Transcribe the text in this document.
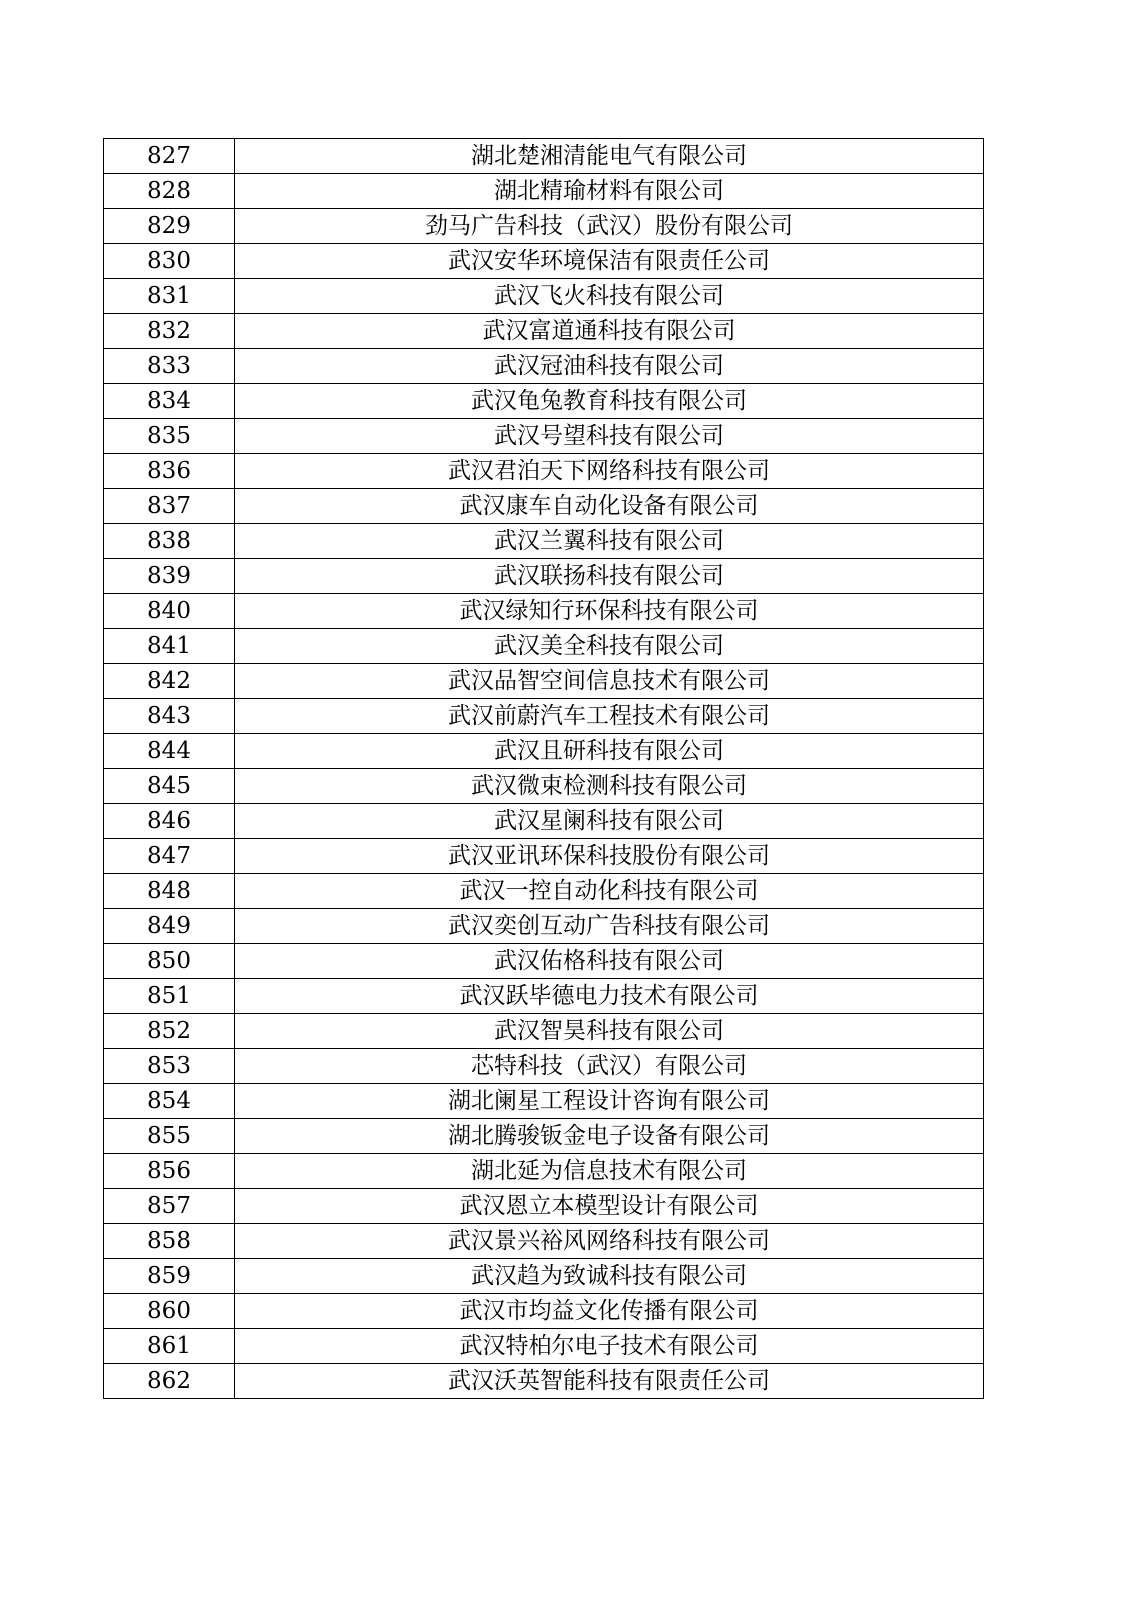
827	湖北楚湘清能电气有限公司
828	湖北精瑜材料有限公司
829	劲马广告科技（武汉）股份有限公司
830	武汉安华环境保洁有限责任公司
831	武汉飞火科技有限公司
832	武汉富道通科技有限公司
833	武汉冠油科技有限公司
834	武汉龟兔教育科技有限公司
835	武汉号望科技有限公司
836	武汉君泊天下网络科技有限公司
837	武汉康车自动化设备有限公司
838	武汉兰翼科技有限公司
839	武汉联扬科技有限公司
840	武汉绿知行环保科技有限公司
841	武汉美全科技有限公司
842	武汉品智空间信息技术有限公司
843	武汉前蔚汽车工程技术有限公司
844	武汉且研科技有限公司
845	武汉微束检测科技有限公司
846	武汉星阑科技有限公司
847	武汉亚讯环保科技股份有限公司
848	武汉一控自动化科技有限公司
849	武汉奕创互动广告科技有限公司
850	武汉佑格科技有限公司
851	武汉跃毕德电力技术有限公司
852	武汉智昊科技有限公司
853	芯特科技（武汉）有限公司
854	湖北阑星工程设计咨询有限公司
855	湖北腾骏钣金电子设备有限公司
856	湖北延为信息技术有限公司
857	武汉恩立本模型设计有限公司
858	武汉景兴裕风网络科技有限公司
859	武汉趋为致诚科技有限公司
860	武汉市均益文化传播有限公司
861	武汉特柏尔电子技术有限公司
862	武汉沃英智能科技有限责任公司
